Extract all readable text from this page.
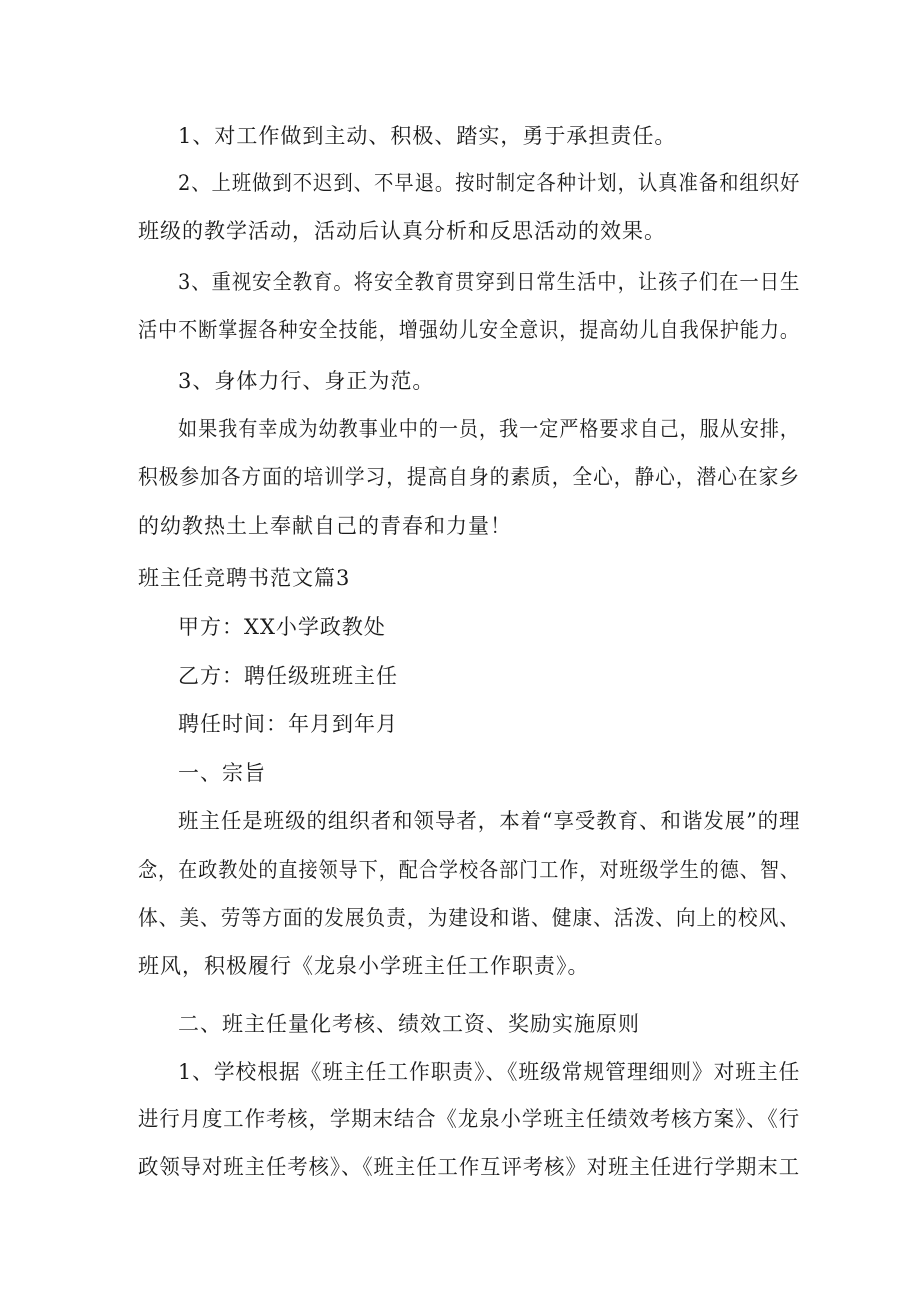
1、对工作做到主动、积极、踏实，勇于承担责任。
2、上班做到不迟到、不早退。按时制定各种计划，认真准备和组织好
班级的教学活动，活动后认真分析和反思活动的效果。
3、重视安全教育。将安全教育贯穿到日常生活中，让孩子们在一日生
活中不断掌握各种安全技能，增强幼儿安全意识，提高幼儿自我保护能力。
3、身体力行、身正为范。
如果我有幸成为幼教事业中的一员，我一定严格要求自己，服从安排，
积极参加各方面的培训学习，提高自身的素质，全心，静心，潜心在家乡
的幼教热土上奉献自己的青春和力量！
班主任竞聘书范文篇3
甲方：XX小学政教处
乙方：聘任级班班主任
聘任时间：年月到年月
一、宗旨
班主任是班级的组织者和领导者，本着“享受教育、和谐发展”的理
念，在政教处的直接领导下，配合学校各部门工作，对班级学生的德、智、
体、美、劳等方面的发展负责，为建设和谐、健康、活泼、向上的校风、
班风，积极履行《龙泉小学班主任工作职责》。
二、班主任量化考核、绩效工资、奖励实施原则
1、学校根据《班主任工作职责》、《班级常规管理细则》对班主任
进行月度工作考核，学期末结合《龙泉小学班主任绩效考核方案》、《行
政领导对班主任考核》、《班主任工作互评考核》对班主任进行学期末工
